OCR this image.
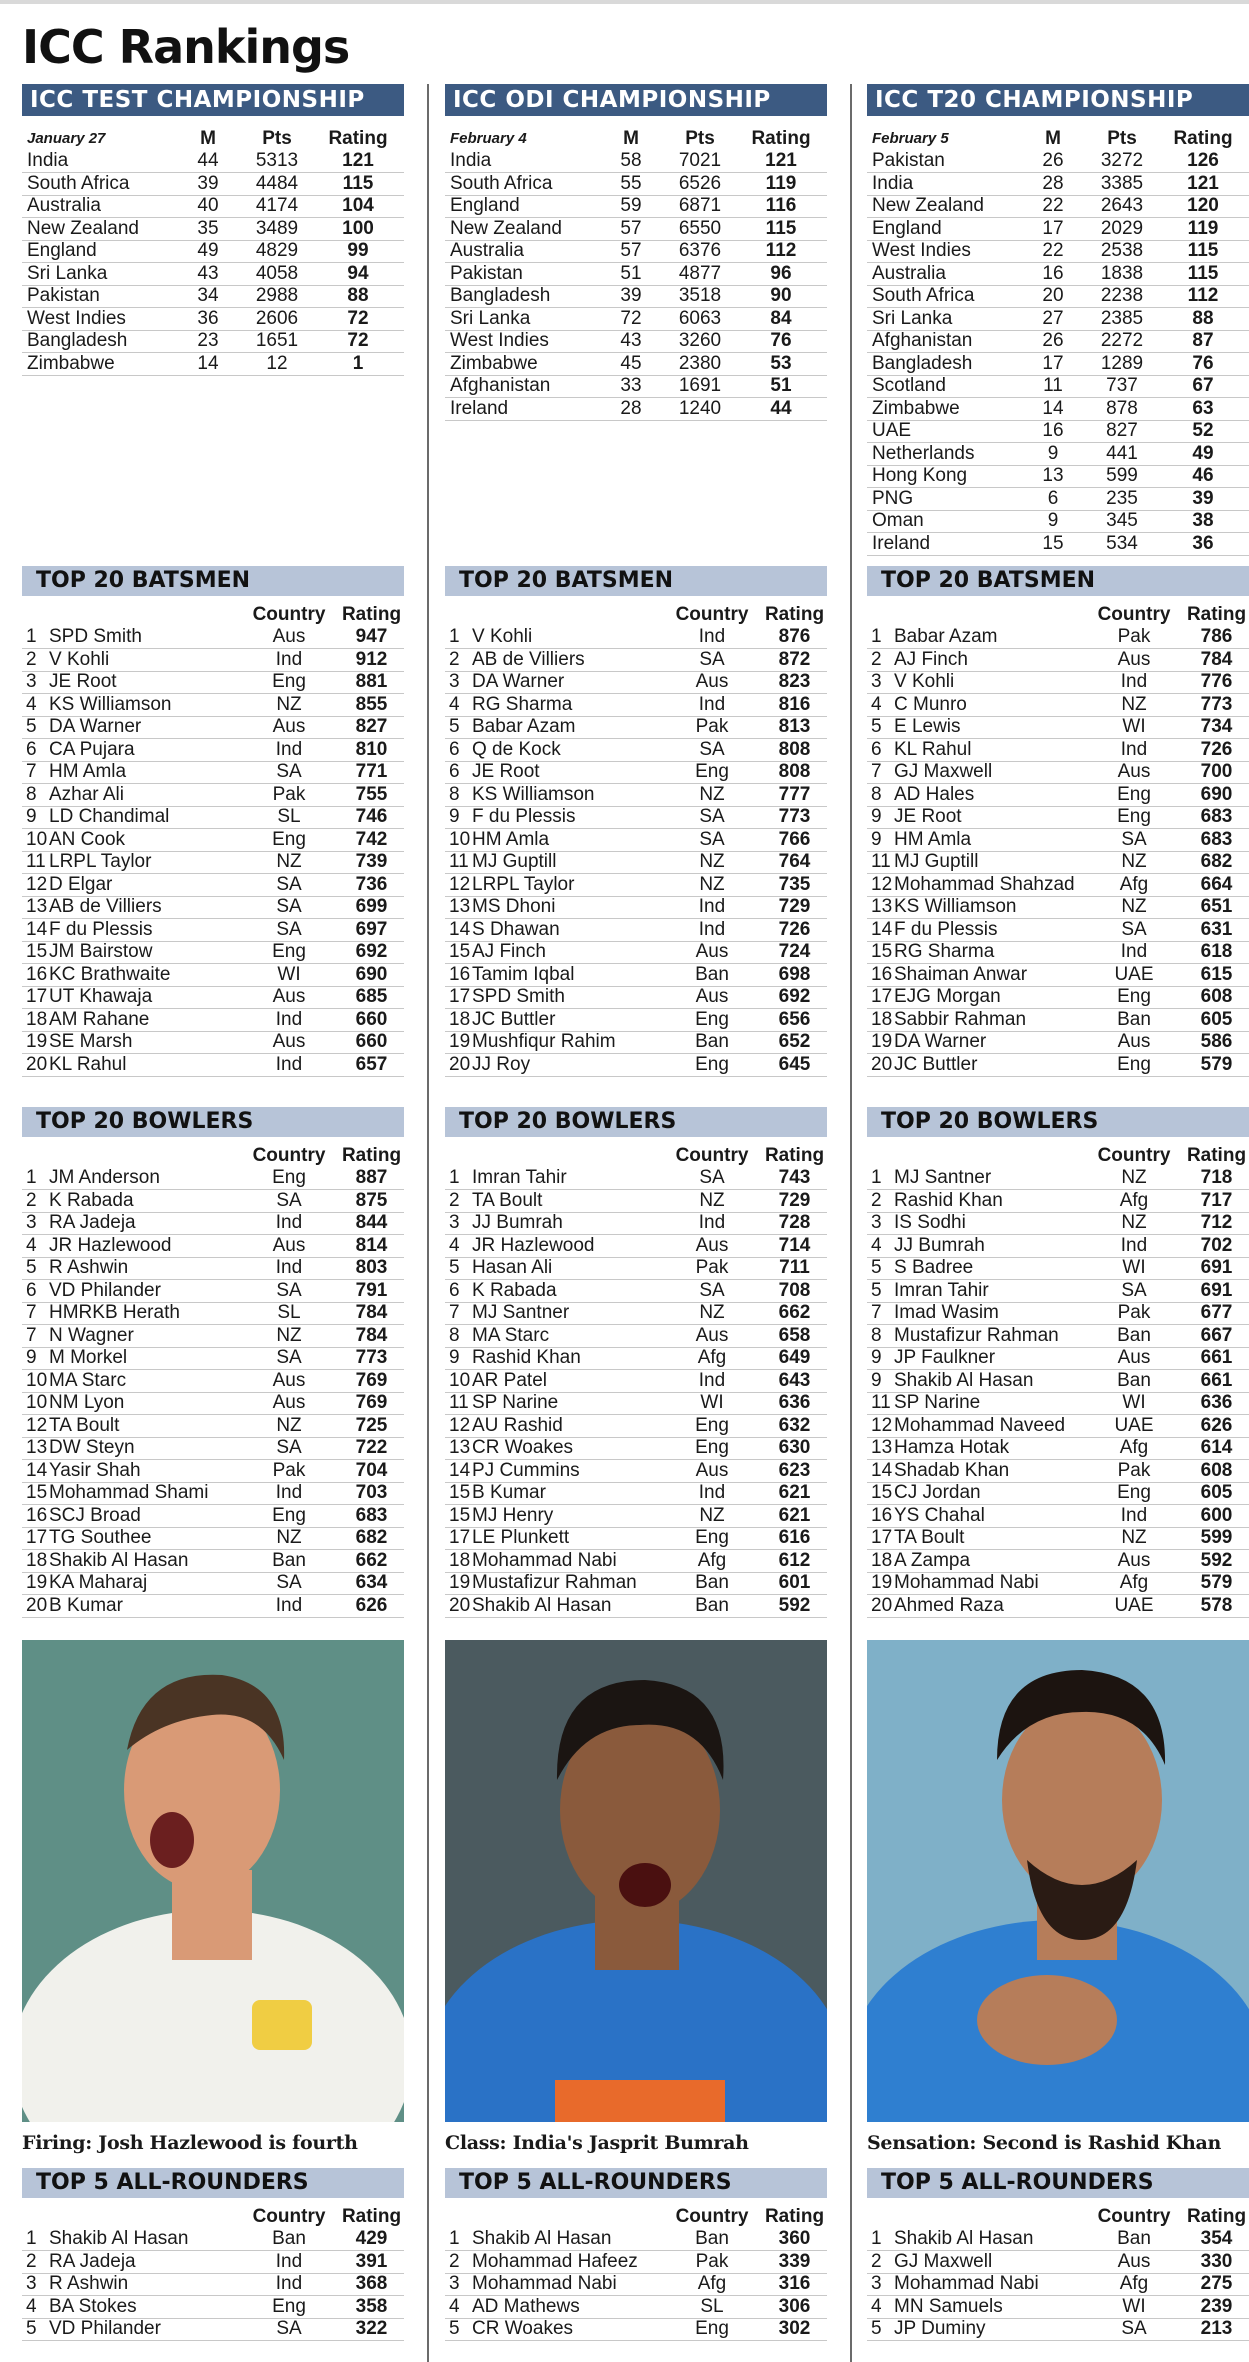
ICC Rankings
ICC TEST CHAMPIONSHIP
January 27	M	Pts	Rating
India	44	5313	121
South Africa	39	4484	115
Australia	40	4174	104
New Zealand	35	3489	100
England	49	4829	99
Sri Lanka	43	4058	94
Pakistan	34	2988	88
West Indies	36	2606	72
Bangladesh	23	1651	72
Zimbabwe	14	12	1
TOP 20 BATSMEN
Country Rating
1 SPD Smith	Aus	947
2 V Kohli	Ind	912
3 JE Root	Eng	881
4 KS Williamson	NZ	855
5 DA Warner	Aus	827
6 CA Pujara	Ind	810
7 HM Amla	SA	771
8 Azhar Ali	Pak	755
9 LD Chandimal	SL	746
10 AN Cook	Eng	742
11 LRPL Taylor	NZ	739
12 D Elgar	SA	736
13 AB de Villiers	SA	699
14 F du Plessis	SA	697
15 JM Bairstow	Eng	692
16 KC Brathwaite	WI	690
17 UT Khawaja	Aus	685
18 AM Rahane	Ind	660
19 SE Marsh	Aus	660
20 KL Rahul	Ind	657
TOP 20 BOWLERS
Country Rating
1 JM Anderson	Eng	887
2 K Rabada	SA	875
3 RA Jadeja	Ind	844
4 JR Hazlewood	Aus	814
5 R Ashwin	Ind	803
6 VD Philander	SA	791
7 HMRKB Herath	SL	784
7 N Wagner	NZ	784
9 M Morkel	SA	773
10 MA Starc	Aus	769
10 NM Lyon	Aus	769
12 TA Boult	NZ	725
13 DW Steyn	SA	722
14 Yasir Shah	Pak	704
15 Mohammad Shami	Ind	703
16 SCJ Broad	Eng	683
17 TG Southee	NZ	682
18 Shakib Al Hasan	Ban	662
19 KA Maharaj	SA	634
20 B Kumar	Ind	626
Firing: Josh Hazlewood is fourth
TOP 5 ALL-ROUNDERS
Country Rating
1 Shakib Al Hasan	Ban	429
2 RA Jadeja	Ind	391
3 R Ashwin	Ind	368
4 BA Stokes	Eng	358
5 VD Philander	SA	322
ICC ODI CHAMPIONSHIP
February 4	M	Pts	Rating
India	58	7021	121
South Africa	55	6526	119
England	59	6871	116
New Zealand	57	6550	115
Australia	57	6376	112
Pakistan	51	4877	96
Bangladesh	39	3518	90
Sri Lanka	72	6063	84
West Indies	43	3260	76
Zimbabwe	45	2380	53
Afghanistan	33	1691	51
Ireland	28	1240	44
TOP 20 BATSMEN
Country Rating
1 V Kohli	Ind	876
2 AB de Villiers	SA	872
3 DA Warner	Aus	823
4 RG Sharma	Ind	816
5 Babar Azam	Pak	813
6 Q de Kock	SA	808
6 JE Root	Eng	808
8 KS Williamson	NZ	777
9 F du Plessis	SA	773
10 HM Amla	SA	766
11 MJ Guptill	NZ	764
12 LRPL Taylor	NZ	735
13 MS Dhoni	Ind	729
14 S Dhawan	Ind	726
15 AJ Finch	Aus	724
16 Tamim Iqbal	Ban	698
17 SPD Smith	Aus	692
18 JC Buttler	Eng	656
19 Mushfiqur Rahim	Ban	652
20 JJ Roy	Eng	645
TOP 20 BOWLERS
Country Rating
1 Imran Tahir	SA	743
2 TA Boult	NZ	729
3 JJ Bumrah	Ind	728
4 JR Hazlewood	Aus	714
5 Hasan Ali	Pak	711
6 K Rabada	SA	708
7 MJ Santner	NZ	662
8 MA Starc	Aus	658
9 Rashid Khan	Afg	649
10 AR Patel	Ind	643
11 SP Narine	WI	636
12 AU Rashid	Eng	632
13 CR Woakes	Eng	630
14 PJ Cummins	Aus	623
15 B Kumar	Ind	621
15 MJ Henry	NZ	621
17 LE Plunkett	Eng	616
18 Mohammad Nabi	Afg	612
19 Mustafizur Rahman	Ban	601
20 Shakib Al Hasan	Ban	592
Class: India's Jasprit Bumrah
TOP 5 ALL-ROUNDERS
Country Rating
1 Shakib Al Hasan	Ban	360
2 Mohammad Hafeez	Pak	339
3 Mohammad Nabi	Afg	316
4 AD Mathews	SL	306
5 CR Woakes	Eng	302
ICC T20 CHAMPIONSHIP
February 5	M	Pts	Rating
Pakistan	26	3272	126
India	28	3385	121
New Zealand	22	2643	120
England	17	2029	119
West Indies	22	2538	115
Australia	16	1838	115
South Africa	20	2238	112
Sri Lanka	27	2385	88
Afghanistan	26	2272	87
Bangladesh	17	1289	76
Scotland	11	737	67
Zimbabwe	14	878	63
UAE	16	827	52
Netherlands	9	441	49
Hong Kong	13	599	46
PNG	6	235	39
Oman	9	345	38
Ireland	15	534	36
TOP 20 BATSMEN
Country Rating
1 Babar Azam	Pak	786
2 AJ Finch	Aus	784
3 V Kohli	Ind	776
4 C Munro	NZ	773
5 E Lewis	WI	734
6 KL Rahul	Ind	726
7 GJ Maxwell	Aus	700
8 AD Hales	Eng	690
9 JE Root	Eng	683
9 HM Amla	SA	683
11 MJ Guptill	NZ	682
12 Mohammad Shahzad	Afg	664
13 KS Williamson	NZ	651
14 F du Plessis	SA	631
15 RG Sharma	Ind	618
16 Shaiman Anwar	UAE	615
17 EJG Morgan	Eng	608
18 Sabbir Rahman	Ban	605
19 DA Warner	Aus	586
20 JC Buttler	Eng	579
TOP 20 BOWLERS
Country Rating
1 MJ Santner	NZ	718
2 Rashid Khan	Afg	717
3 IS Sodhi	NZ	712
4 JJ Bumrah	Ind	702
5 S Badree	WI	691
5 Imran Tahir	SA	691
7 Imad Wasim	Pak	677
8 Mustafizur Rahman	Ban	667
9 JP Faulkner	Aus	661
9 Shakib Al Hasan	Ban	661
11 SP Narine	WI	636
12 Mohammad Naveed	UAE	626
13 Hamza Hotak	Afg	614
14 Shadab Khan	Pak	608
15 CJ Jordan	Eng	605
16 YS Chahal	Ind	600
17 TA Boult	NZ	599
18 A Zampa	Aus	592
19 Mohammad Nabi	Afg	579
20 Ahmed Raza	UAE	578
Sensation: Second is Rashid Khan
TOP 5 ALL-ROUNDERS
Country Rating
1 Shakib Al Hasan	Ban	354
2 GJ Maxwell	Aus	330
3 Mohammad Nabi	Afg	275
4 MN Samuels	WI	239
5 JP Duminy	SA	213
